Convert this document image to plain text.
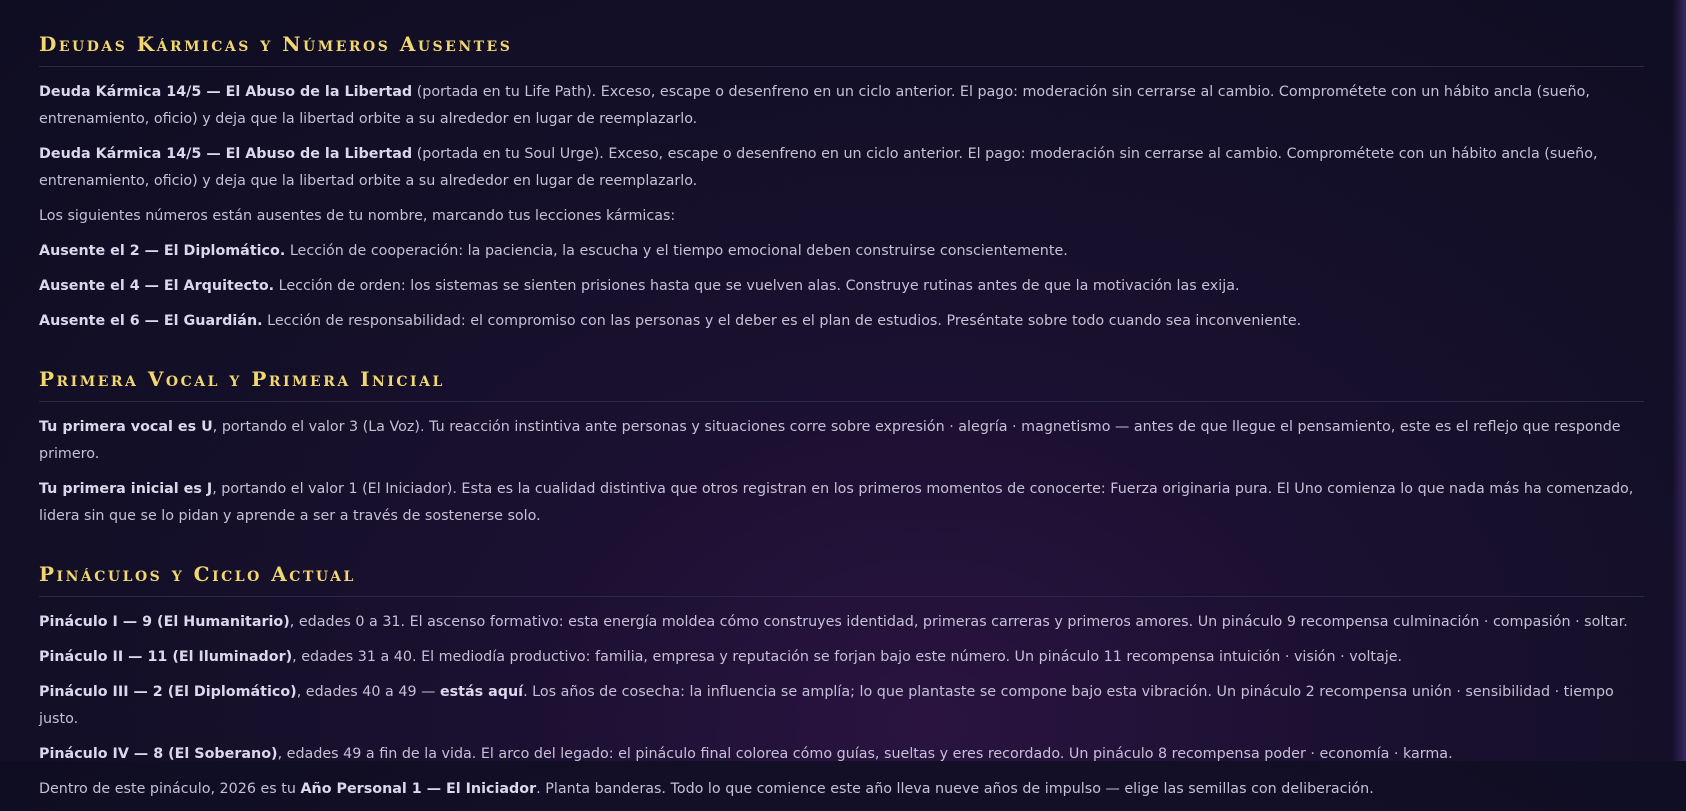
Deudas Kármicas y Números Ausentes

Deuda Kármica 14/5 — El Abuso de la Libertad (portada en tu Life Path). Exceso, escape o desenfreno en un ciclo anterior. El pago: moderación sin cerrarse al cambio. Comprométete con un hábito ancla (sueño, entrenamiento, oficio) y deja que la libertad orbite a su alrededor en lugar de reemplazarlo.

Deuda Kármica 14/5 — El Abuso de la Libertad (portada en tu Soul Urge). Exceso, escape o desenfreno en un ciclo anterior. El pago: moderación sin cerrarse al cambio. Comprométete con un hábito ancla (sueño, entrenamiento, oficio) y deja que la libertad orbite a su alrededor en lugar de reemplazarlo.

Los siguientes números están ausentes de tu nombre, marcando tus lecciones kármicas:

Ausente el 2 — El Diplomático. Lección de cooperación: la paciencia, la escucha y el tiempo emocional deben construirse conscientemente.

Ausente el 4 — El Arquitecto. Lección de orden: los sistemas se sienten prisiones hasta que se vuelven alas. Construye rutinas antes de que la motivación las exija.

Ausente el 6 — El Guardián. Lección de responsabilidad: el compromiso con las personas y el deber es el plan de estudios. Preséntate sobre todo cuando sea inconveniente.

Primera Vocal y Primera Inicial

Tu primera vocal es U, portando el valor 3 (La Voz). Tu reacción instintiva ante personas y situaciones corre sobre expresión · alegría · magnetismo — antes de que llegue el pensamiento, este es el reflejo que responde primero.

Tu primera inicial es J, portando el valor 1 (El Iniciador). Esta es la cualidad distintiva que otros registran en los primeros momentos de conocerte: Fuerza originaria pura. El Uno comienza lo que nada más ha comenzado, lidera sin que se lo pidan y aprende a ser a través de sostenerse solo.

Pináculos y Ciclo Actual

Pináculo I — 9 (El Humanitario), edades 0 a 31. El ascenso formativo: esta energía moldea cómo construyes identidad, primeras carreras y primeros amores. Un pináculo 9 recompensa culminación · compasión · soltar.

Pináculo II — 11 (El Iluminador), edades 31 a 40. El mediodía productivo: familia, empresa y reputación se forjan bajo este número. Un pináculo 11 recompensa intuición · visión · voltaje.

Pináculo III — 2 (El Diplomático), edades 40 a 49 — estás aquí. Los años de cosecha: la influencia se amplía; lo que plantaste se compone bajo esta vibración. Un pináculo 2 recompensa unión · sensibilidad · tiempo justo.

Pináculo IV — 8 (El Soberano), edades 49 a fin de la vida. El arco del legado: el pináculo final colorea cómo guías, sueltas y eres recordado. Un pináculo 8 recompensa poder · economía · karma.

Dentro de este pináculo, 2026 es tu Año Personal 1 — El Iniciador. Planta banderas. Todo lo que comience este año lleva nueve años de impulso — elige las semillas con deliberación.
